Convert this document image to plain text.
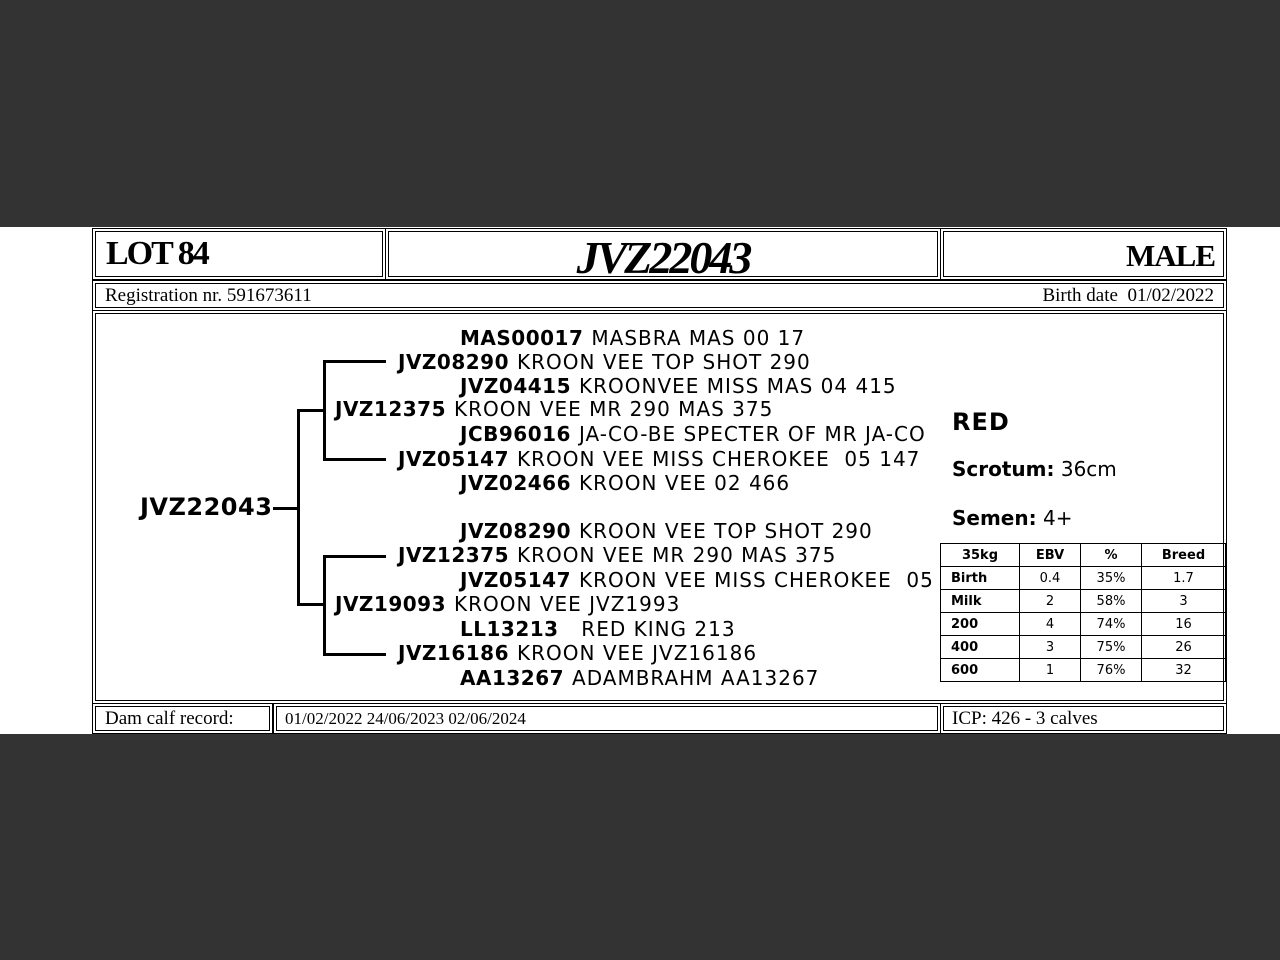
LOT 84	JVZ22043	MALE
Registration nr. 591673611	Birth date 01/02/2022
Dam calf record:	01/02/2022 24/06/2023 02/06/2024	ICP: 426 - 3 calves
JVZ22043
MAS00017 MASBRA MAS 00 17
JVZ08290 KROON VEE TOP SHOT 290
JVZ04415 KROONVEE MISS MAS 04 415
JVZ12375 KROON VEE MR 290 MAS 375
JCB96016 JA-CO-BE SPECTER OF MR JA-CO
JVZ05147 KROON VEE MISS CHEROKEE  05 147
JVZ02466 KROON VEE 02 466
JVZ08290 KROON VEE TOP SHOT 290
JVZ12375 KROON VEE MR 290 MAS 375
JVZ05147 KROON VEE MISS CHEROKEE  05
JVZ19093 KROON VEE JVZ1993
LL13213  RED KING 213
JVZ16186 KROON VEE JVZ16186
AA13267 ADAMBRAHM AA13267
RED
Scrotum: 36cm
Semen: 4+
35kg	EBV	%	Breed
Birth	0.4	35%	1.7
Milk	2	58%	3
200	4	74%	16
400	3	75%	26
600	1	76%	32
